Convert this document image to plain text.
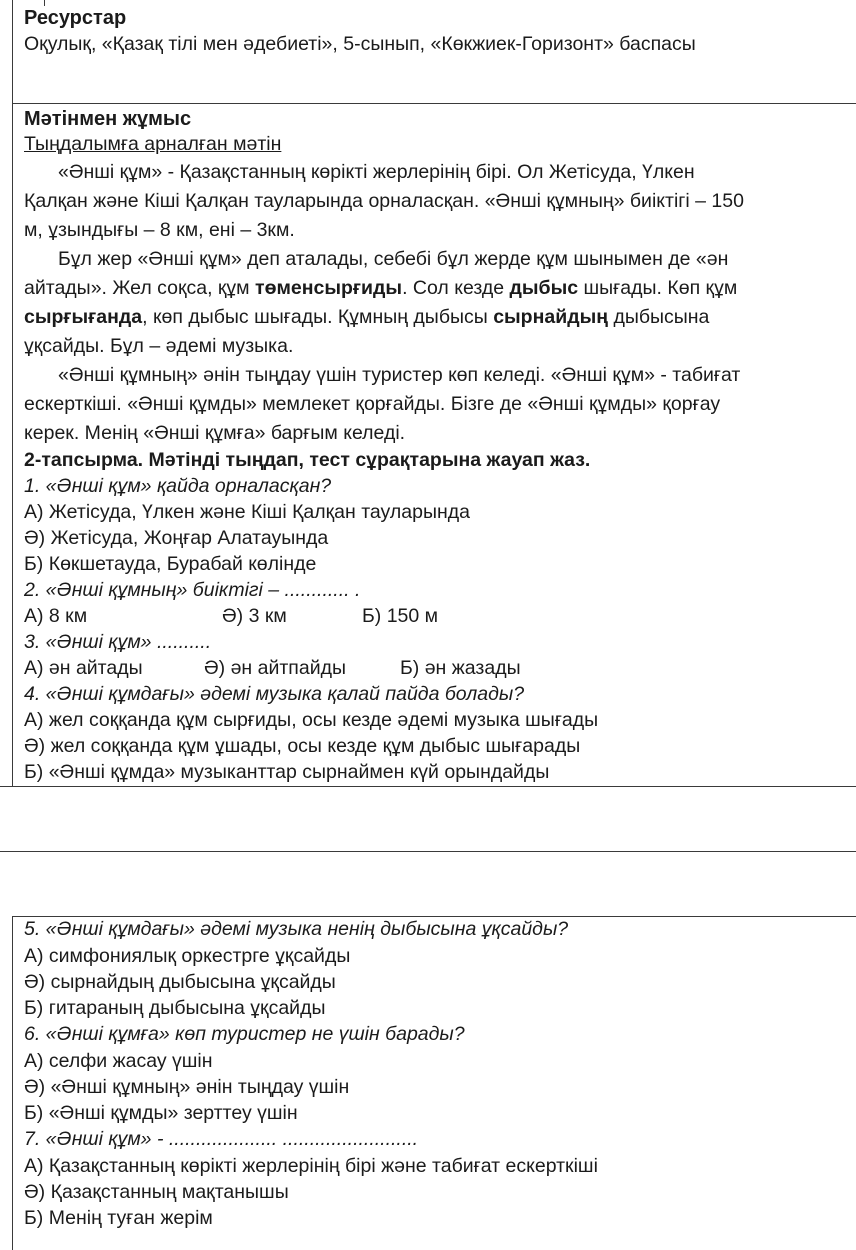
Ресурстар
Оқулық, «Қазақ тілі мен әдебиеті», 5-сынып, «Көкжиек-Горизонт» баспасы
Мәтінмен жұмыс
Тыңдалымға арналған мәтін
«Әнші құм» - Қазақстанның көрікті жерлерінің бірі. Ол Жетісуда, Үлкен
Қалқан және Кіші Қалқан тауларында орналасқан. «Әнші құмның» биіктігі – 150
м, ұзындығы – 8 км, ені – 3км.
Бұл жер «Әнші құм» деп аталады, себебі бұл жерде құм шынымен де «ән
айтады». Жел соқса, құм төменсырғиды. Сол кезде дыбыс шығады. Көп құм
сырғығанда, көп дыбыс шығады. Құмның дыбысы сырнайдың дыбысына
ұқсайды. Бұл – әдемі музыка.
«Әнші құмның» әнін тыңдау үшін туристер көп келеді. «Әнші құм» - табиғат
ескерткіші. «Әнші құмды» мемлекет қорғайды. Бізге де «Әнші құмды» қорғау
керек. Менің «Әнші құмға» барғым келеді.
2-тапсырма. Мәтінді тыңдап, тест сұрақтарына жауап жаз.
1. «Әнші құм» қайда орналасқан?
А) Жетісуда, Үлкен және Кіші Қалқан тауларында
Ә) Жетісуда, Жоңғар Алатауында
Б) Көкшетауда, Бурабай көлінде
2. «Әнші құмның» биіктігі – ............ .
А) 8 км	Ә) 3 км	Б) 150 м
3. «Әнші құм» ..........
А) ән айтады	Ә) ән айтпайды	Б) ән жазады
4. «Әнші құмдағы» әдемі музыка қалай пайда болады?
А) жел соққанда құм сырғиды, осы кезде әдемі музыка шығады
Ә) жел соққанда құм ұшады, осы кезде құм дыбыс шығарады
Б) «Әнші құмда» музыканттар сырнаймен күй орындайды
5. «Әнші құмдағы» әдемі музыка ненің дыбысына ұқсайды?
А) симфониялық оркестрге ұқсайды
Ә) сырнайдың дыбысына ұқсайды
Б) гитараның дыбысына ұқсайды
6. «Әнші құмға» көп туристер не үшін барады?
А) селфи жасау үшін
Ә) «Әнші құмның» әнін тыңдау үшін
Б) «Әнші құмды» зерттеу үшін
7. «Әнші құм» - .................... .........................
А) Қазақстанның көрікті жерлерінің бірі және табиғат ескерткіші
Ә) Қазақстанның мақтанышы
Б) Менің туған жерім
